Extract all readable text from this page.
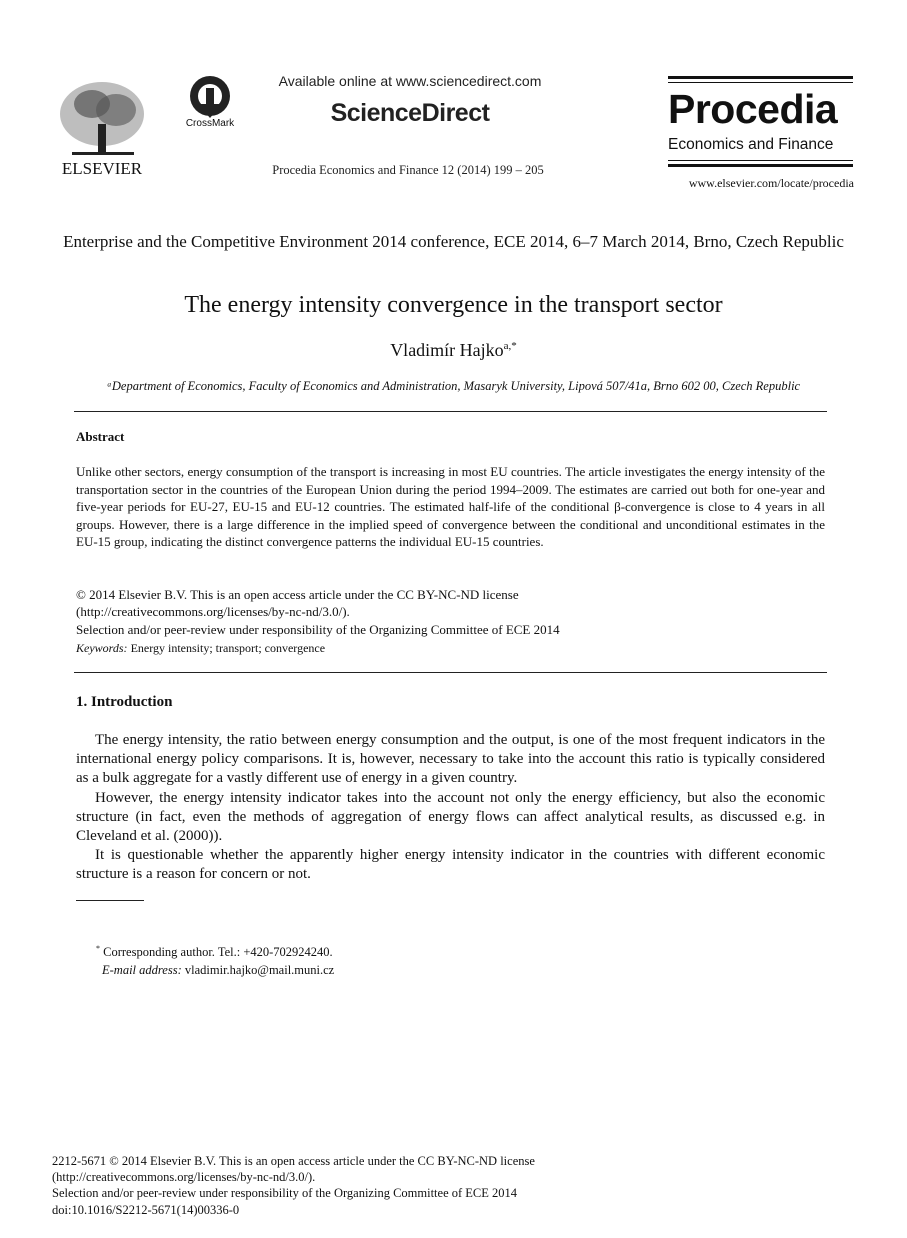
ELSEVIER
CrossMark
Available online at www.sciencedirect.com
ScienceDirect
Procedia Economics and Finance 12 (2014) 199 – 205
Procedia
Economics and Finance
www.elsevier.com/locate/procedia
Enterprise and the Competitive Environment 2014 conference, ECE 2014, 6–7 March 2014, Brno, Czech Republic
The energy intensity convergence in the transport sector
Vladimír Hajko$^{a,*}$
ᵃDepartment of Economics, Faculty of Economics and Administration, Masaryk University, Lipová 507/41a, Brno 602 00, Czech Republic
Abstract
Unlike other sectors, energy consumption of the transport is increasing in most EU countries. The article investigates the energy intensity of the transportation sector in the countries of the European Union during the period 1994–2009. The estimates are carried out both for one-year and five-year periods for EU-27, EU-15 and EU-12 countries. The estimated half-life of the conditional β-convergence is close to 4 years in all groups. However, there is a large difference in the implied speed of convergence between the conditional and unconditional estimates in the EU-15 group, indicating the distinct convergence patterns the individual EU-15 countries.
© 2014 Elsevier B.V. This is an open access article under the CC BY-NC-ND license
(http://creativecommons.org/licenses/by-nc-nd/3.0/).
Selection and/or peer-review under responsibility of the Organizing Committee of ECE 2014
Keywords: Energy intensity; transport; convergence
1. Introduction

The energy intensity, the ratio between energy consumption and the output, is one of the most frequent indicators in the international energy policy comparisons. It is, however, necessary to take into the account this ratio is typically considered as a bulk aggregate for a vastly different use of energy in a given country.

However, the energy intensity indicator takes into the account not only the energy efficiency, but also the economic structure (in fact, even the methods of aggregation of energy flows can affect analytical results, as discussed e.g. in Cleveland et al. (2000)).

It is questionable whether the apparently higher energy intensity indicator in the countries with different economic structure is a reason for concern or not.

* Corresponding author. Tel.: +420-702924240.
E-mail address: vladimir.hajko@mail.muni.cz
2212-5671 © 2014 Elsevier B.V. This is an open access article under the CC BY-NC-ND license
(http://creativecommons.org/licenses/by-nc-nd/3.0/).
Selection and/or peer-review under responsibility of the Organizing Committee of ECE 2014
doi:10.1016/S2212-5671(14)00336-0
